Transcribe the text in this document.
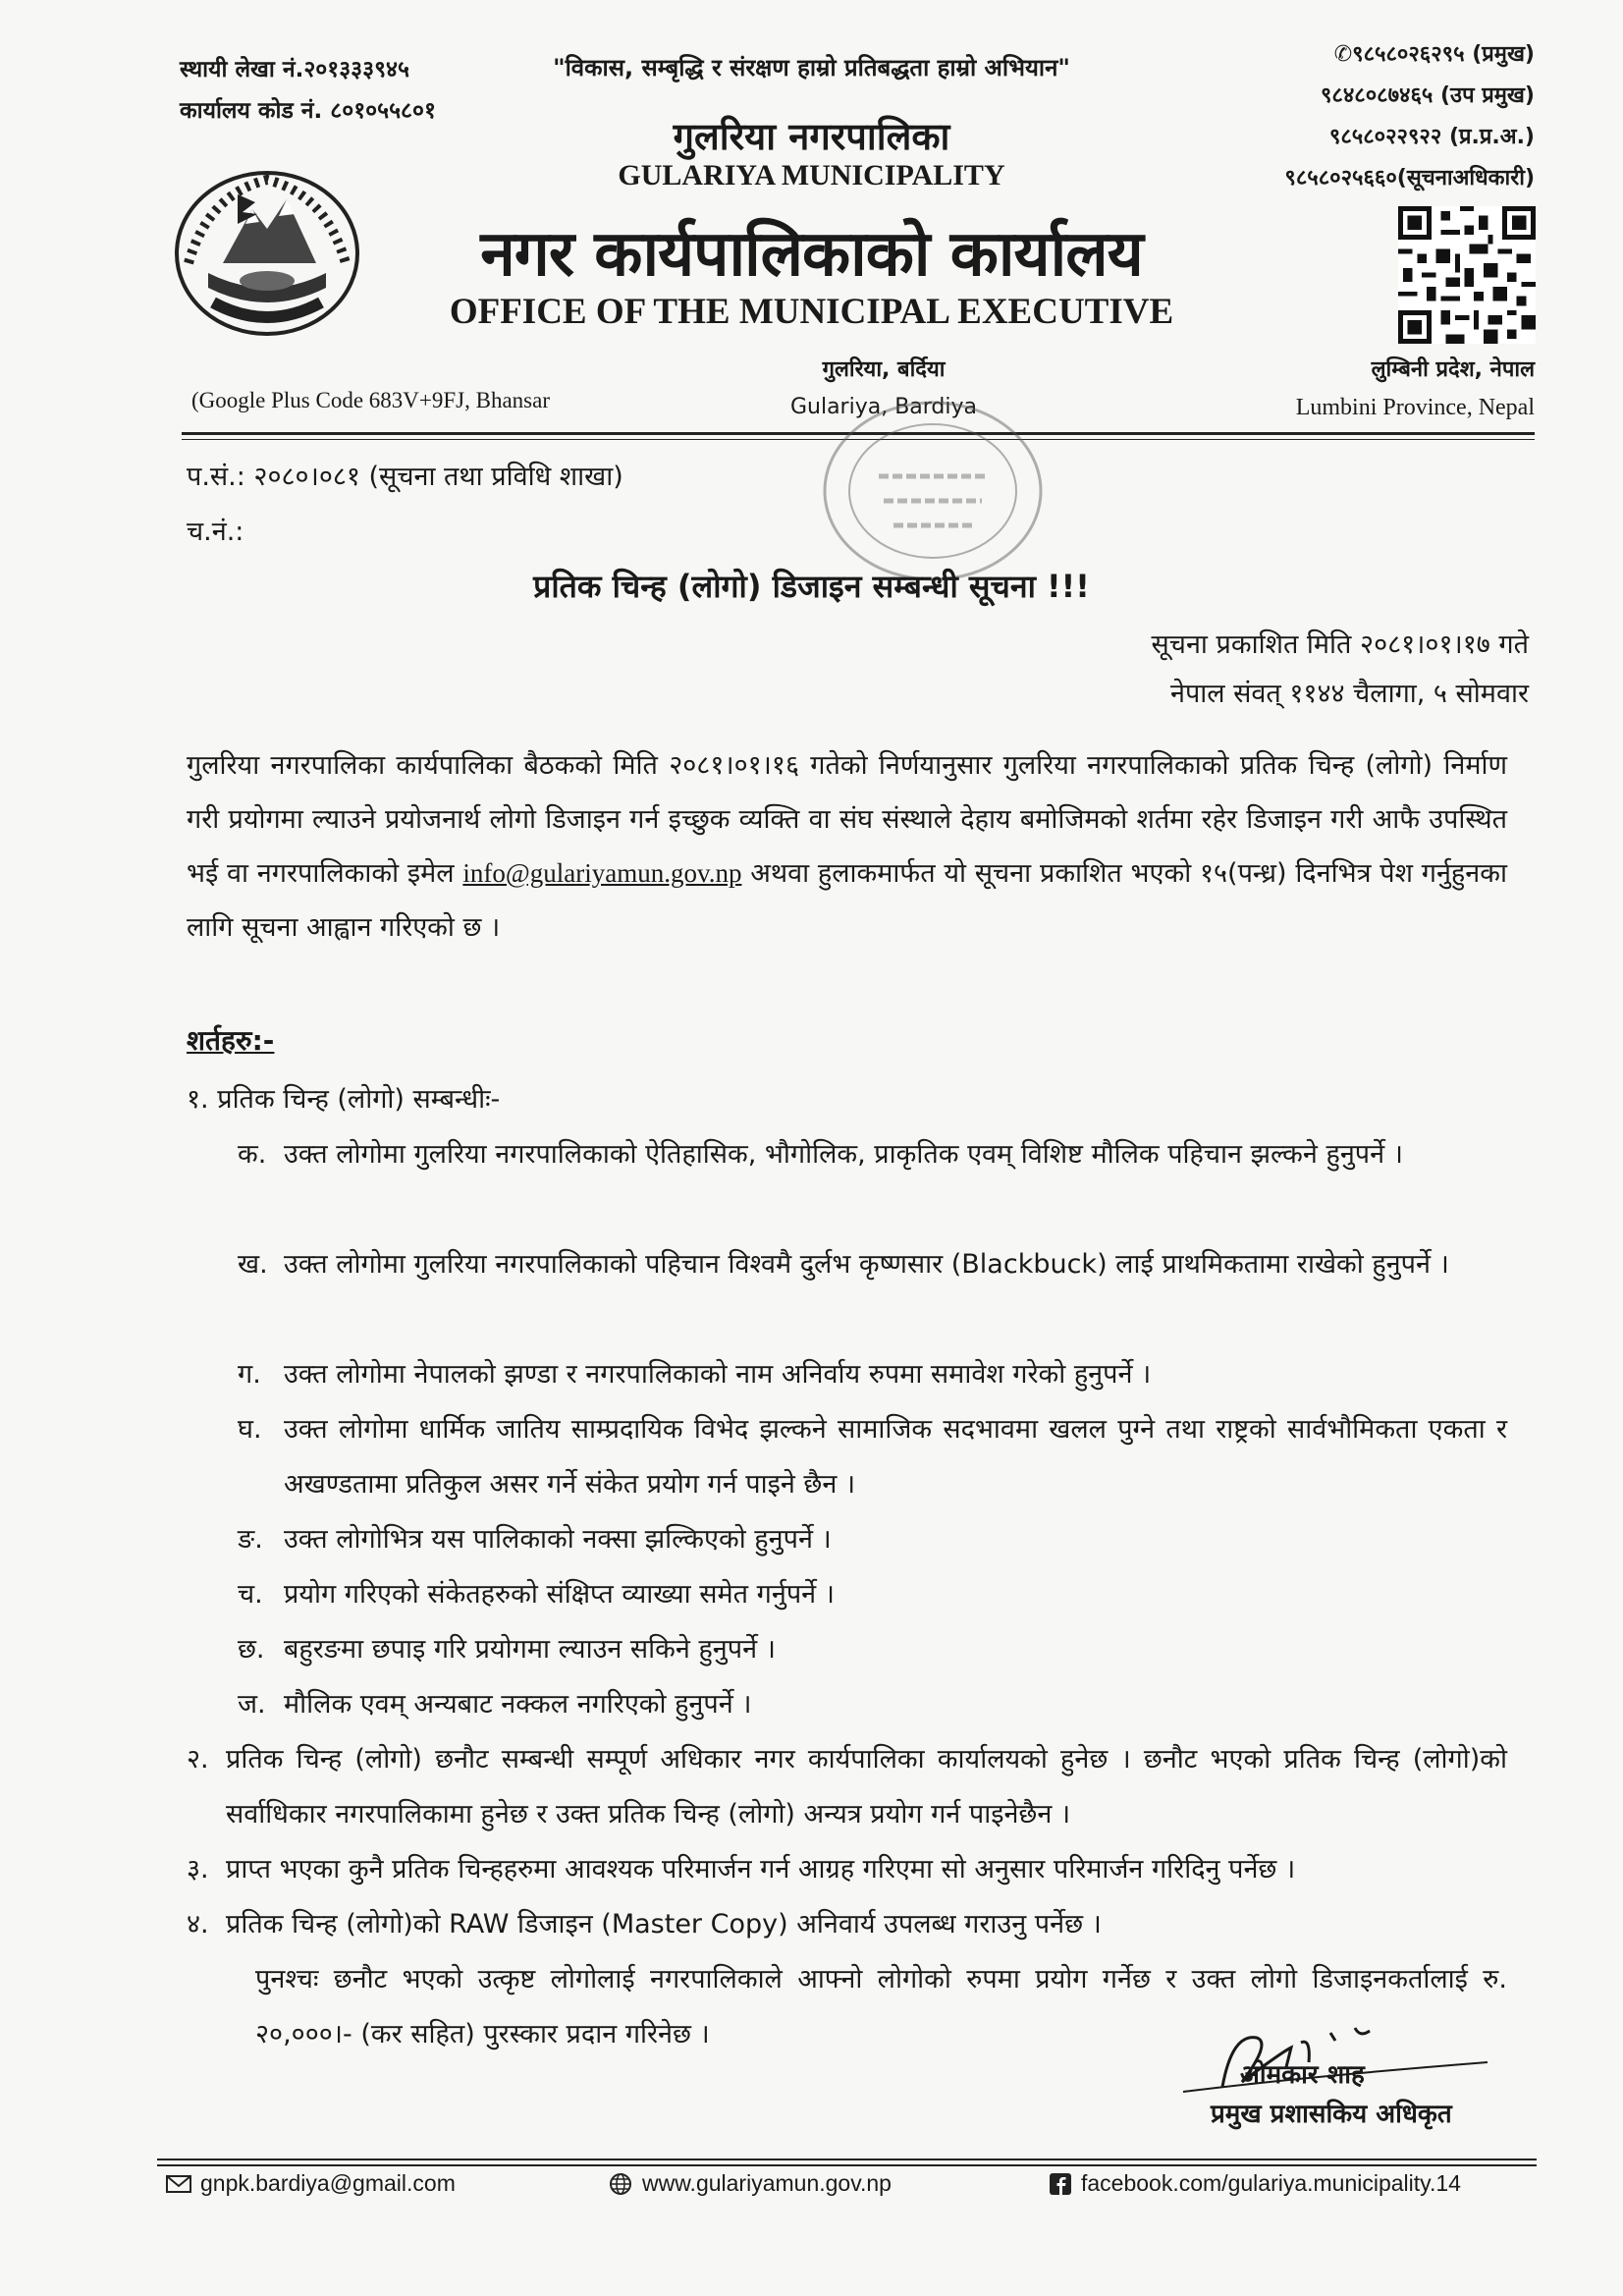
स्थायी लेखा नं.२०१३३३९४५
कार्यालय कोड नं. ८०१०५५८०१
"विकास, सम्बृद्धि र संरक्षण हाम्रो प्रतिबद्धता हाम्रो अभियान"	✆९८५८०२६२९५ (प्रमुख)
९८४८०८७४६५ (उप प्रमुख)
९८५८०२२९२२ (प्र.प्र.अ.)
९८५८०२५६६०(सूचनाअधिकारी)
गुलरिया नगरपालिका
GULARIYA MUNICIPALITY
नगर कार्यपालिकाको कार्यालय
OFFICE OF THE MUNICIPAL EXECUTIVE
(Google Plus Code 683V+9FJ, Bhansar
गुलरिया, बर्दिया
Gulariya, Bardiya
लुम्बिनी प्रदेश, नेपाल
Lumbini Province, Nepal
प.सं.: २०८०।०८१ (सूचना तथा प्रविधि शाखा)
च.नं.:
प्रतिक चिन्ह (लोगो) डिजाइन सम्बन्धी सूचना !!!
सूचना प्रकाशित मिति २०८१।०१।१७ गते
नेपाल संवत् ११४४ चैलागा, ५ सोमवार
गुलरिया नगरपालिका कार्यपालिका बैठकको मिति २०८१।०१।१६ गतेको निर्णयानुसार गुलरिया नगरपालिकाको प्रतिक चिन्ह (लोगो) निर्माण गरी प्रयोगमा ल्याउने प्रयोजनार्थ लोगो डिजाइन गर्न इच्छुक व्यक्ति वा संघ संस्थाले देहाय बमोजिमको शर्तमा रहेर डिजाइन गरी आफै उपस्थित भई वा नगरपालिकाको इमेल info@gulariyamun.gov.np अथवा हुलाकमार्फत यो सूचना प्रकाशित भएको १५(पन्ध्र) दिनभित्र पेश गर्नुहुनका लागि सूचना आह्वान गरिएको छ ।
शर्तहरु:-
१. प्रतिक चिन्ह (लोगो) सम्बन्धीः-
क. उक्त लोगोमा गुलरिया नगरपालिकाको ऐतिहासिक, भौगोलिक, प्राकृतिक एवम् विशिष्ट मौलिक पहिचान झल्कने हुनुपर्ने ।
ख. उक्त लोगोमा गुलरिया नगरपालिकाको पहिचान विश्वमै दुर्लभ कृष्णसार (Blackbuck) लाई प्राथमिकतामा राखेको हुनुपर्ने ।
ग. उक्त लोगोमा नेपालको झण्डा र नगरपालिकाको नाम अनिर्वाय रुपमा समावेश गरेको हुनुपर्ने ।
घ. उक्त लोगोमा धार्मिक जातिय साम्प्रदायिक विभेद झल्कने सामाजिक सदभावमा खलल पुग्ने तथा राष्ट्रको सार्वभौमिकता एकता र अखण्डतामा प्रतिकुल असर गर्ने संकेत प्रयोग गर्न पाइने छैन ।
ङ. उक्त लोगोभित्र यस पालिकाको नक्सा झल्किएको हुनुपर्ने ।
च. प्रयोग गरिएको संकेतहरुको संक्षिप्त व्याख्या समेत गर्नुपर्ने ।
छ. बहुरङमा छपाइ गरि प्रयोगमा ल्याउन सकिने हुनुपर्ने ।
ज. मौलिक एवम् अन्यबाट नक्कल नगरिएको हुनुपर्ने ।
२. प्रतिक चिन्ह (लोगो) छनौट सम्बन्धी सम्पूर्ण अधिकार नगर कार्यपालिका कार्यालयको हुनेछ । छनौट भएको प्रतिक चिन्ह (लोगो)को सर्वाधिकार नगरपालिकामा हुनेछ र उक्त प्रतिक चिन्ह (लोगो) अन्यत्र प्रयोग गर्न पाइनेछैन ।
३. प्राप्त भएका कुनै प्रतिक चिन्हहरुमा आवश्यक परिमार्जन गर्न आग्रह गरिएमा सो अनुसार परिमार्जन गरिदिनु पर्नेछ ।
४. प्रतिक चिन्ह (लोगो)को RAW डिजाइन (Master Copy) अनिवार्य उपलब्ध गराउनु पर्नेछ ।
पुनश्चः छनौट भएको उत्कृष्ट लोगोलाई नगरपालिकाले आफ्नो लोगोको रुपमा प्रयोग गर्नेछ र उक्त लोगो डिजाइनकर्तालाई रु. २०,०००।- (कर सहित) पुरस्कार प्रदान गरिनेछ ।
ओमकार शाह
प्रमुख प्रशासकिय अधिकृत
gnpk.bardiya@gmail.com	www.gulariyamun.gov.np	facebook.com/gulariya.municipality.14
